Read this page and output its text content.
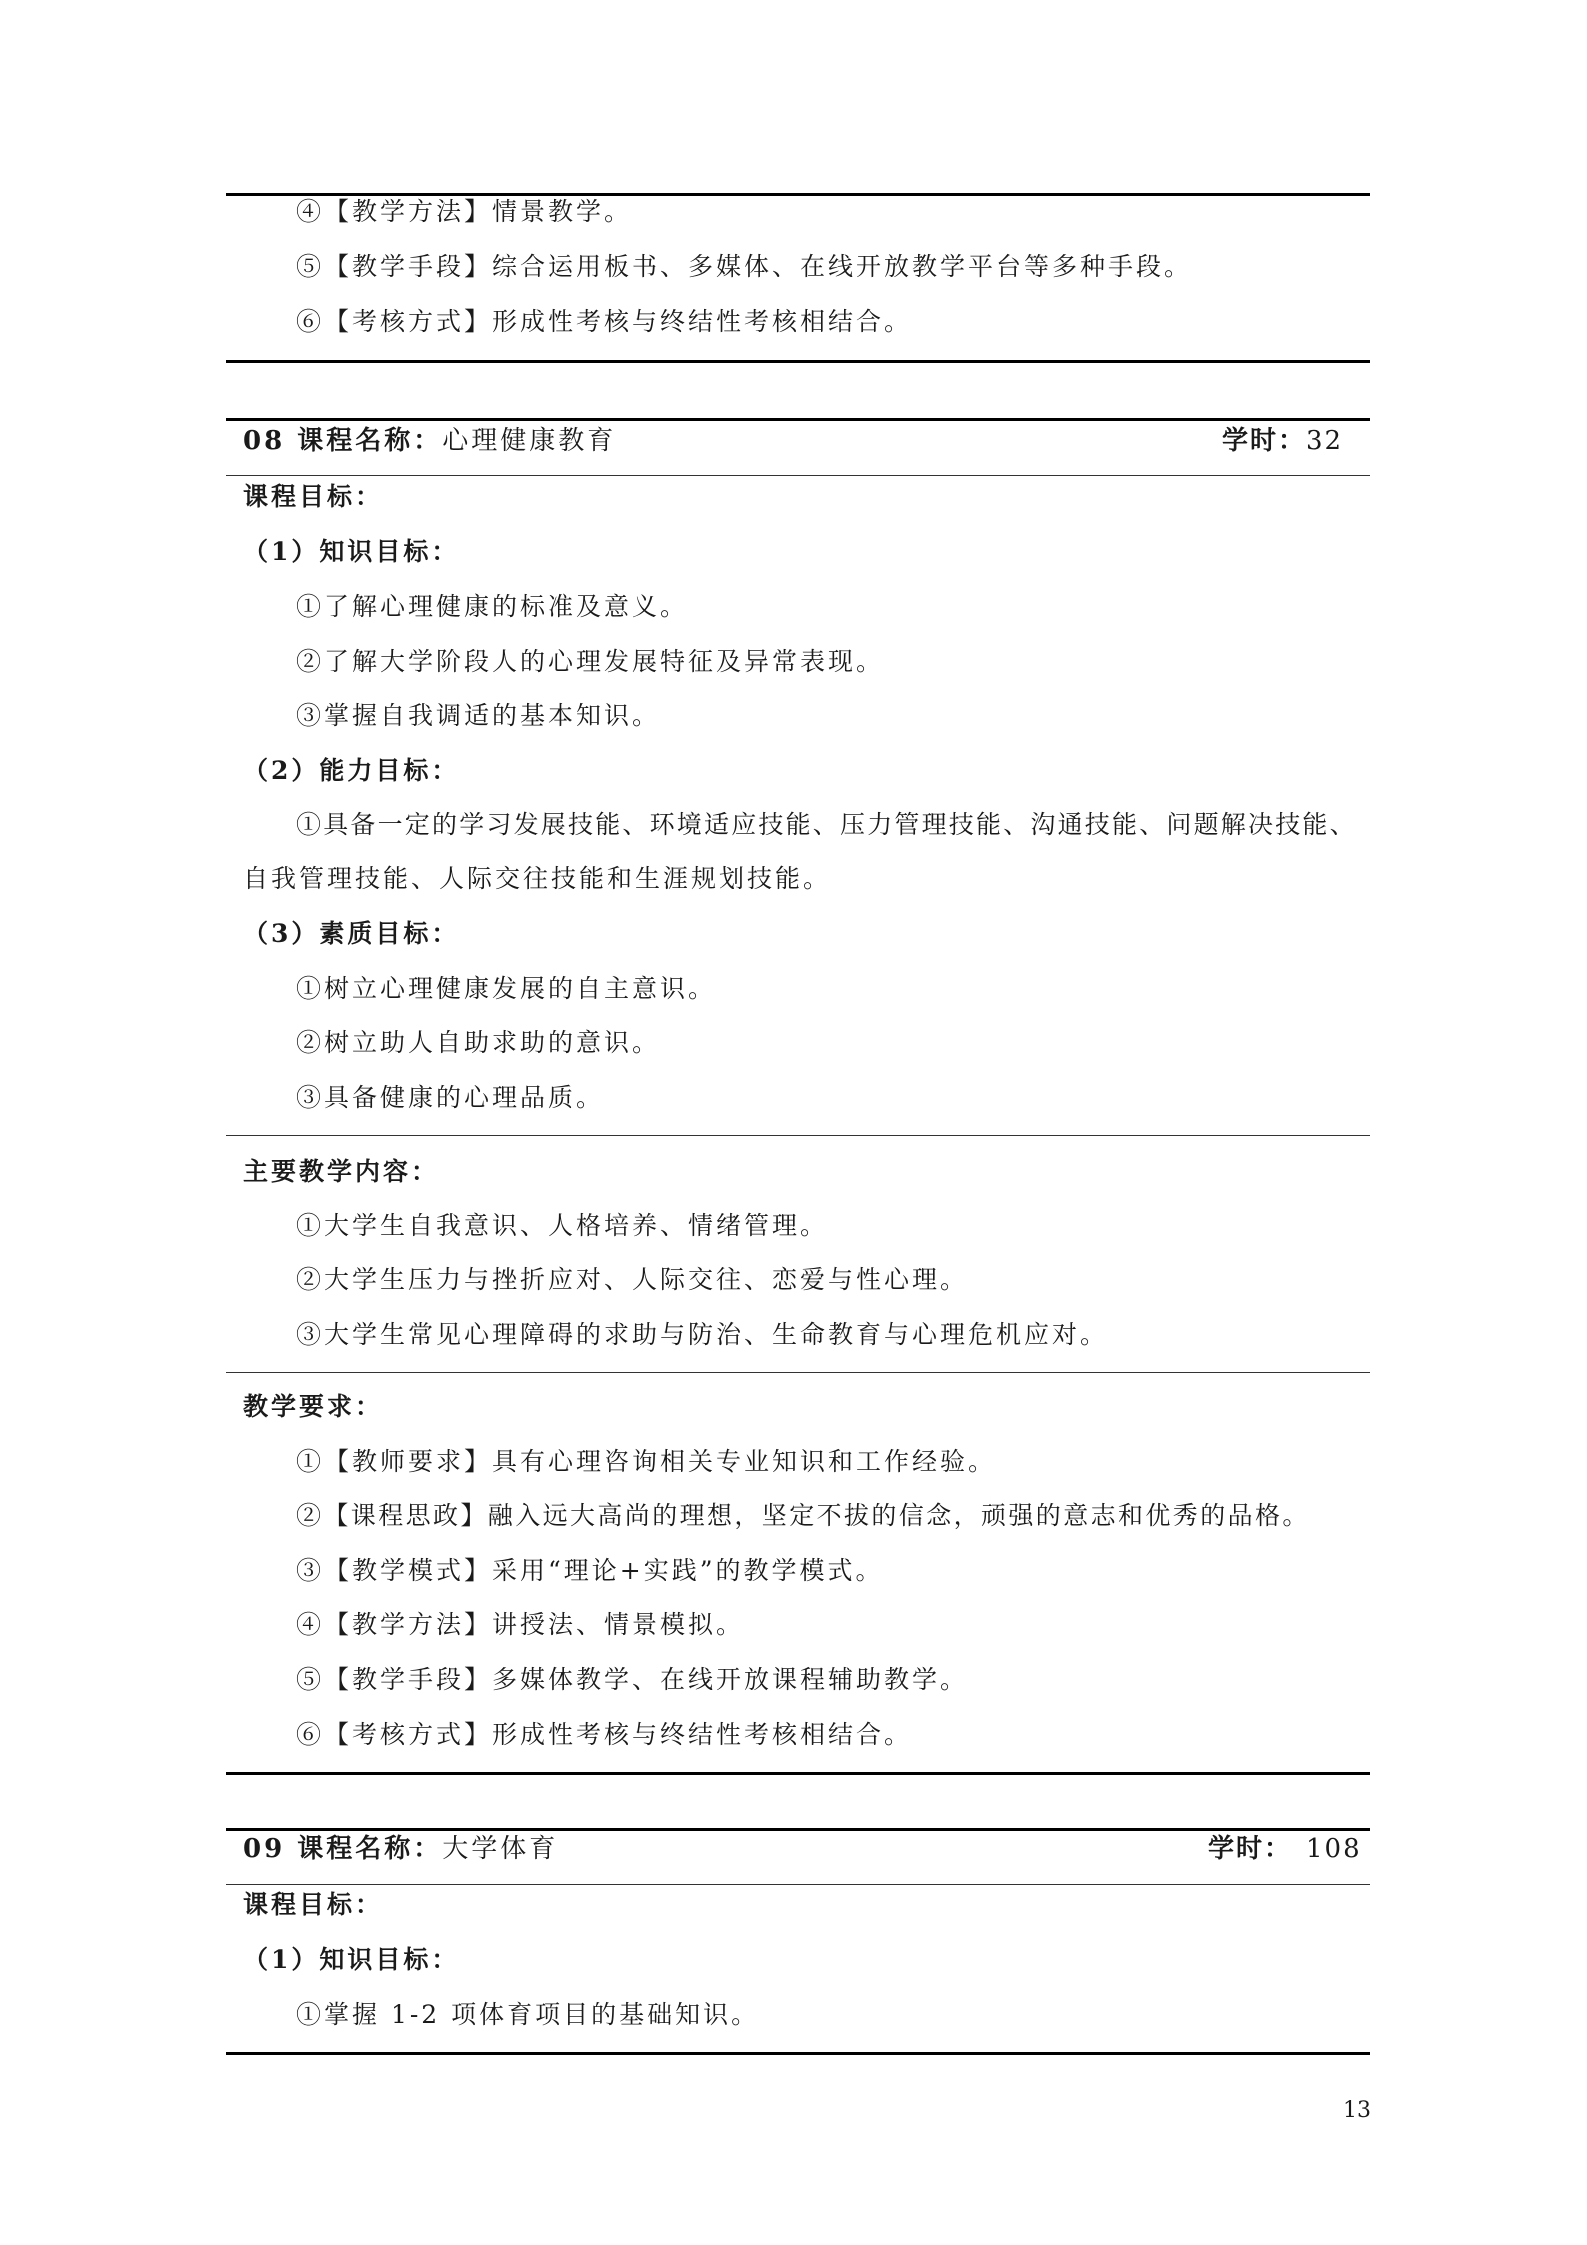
④【教学方法】情景教学。
⑤【教学手段】综合运用板书、多媒体、在线开放教学平台等多种手段。
⑥【考核方式】形成性考核与终结性考核相结合。
08 课程名称：心理健康教育	学时：32
课程目标：
（1）知识目标：
①了解心理健康的标准及意义。
②了解大学阶段人的心理发展特征及异常表现。
③掌握自我调适的基本知识。
（2）能力目标：
①具备一定的学习发展技能、环境适应技能、压力管理技能、沟通技能、问题解决技能、
自我管理技能、人际交往技能和生涯规划技能。
（3）素质目标：
①树立心理健康发展的自主意识。
②树立助人自助求助的意识。
③具备健康的心理品质。
主要教学内容：
①大学生自我意识、人格培养、情绪管理。
②大学生压力与挫折应对、人际交往、恋爱与性心理。
③大学生常见心理障碍的求助与防治、生命教育与心理危机应对。
教学要求：
①【教师要求】具有心理咨询相关专业知识和工作经验。
②【课程思政】融入远大高尚的理想，坚定不拔的信念，顽强的意志和优秀的品格。
③【教学模式】采用“理论+实践”的教学模式。
④【教学方法】讲授法、情景模拟。
⑤【教学手段】多媒体教学、在线开放课程辅助教学。
⑥【考核方式】形成性考核与终结性考核相结合。
09 课程名称：大学体育	学时： 108
课程目标：
（1）知识目标：
①掌握 1-2 项体育项目的基础知识。
13
